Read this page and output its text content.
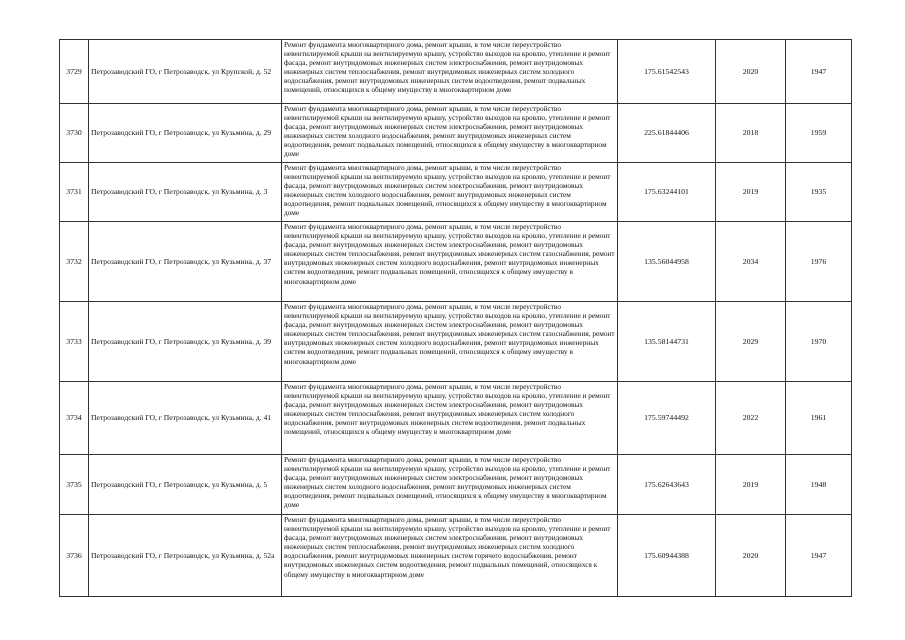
3729	Петрозаводский ГО, г Петрозаводск, ул Крупской, д. 52	Ремонт фундамента многоквартирного дома, ремонт крыши, в том числе переустройство невентилируемой крыши на вентилируемую крышу, устройство выходов на кровлю, утепление и ремонт фасада, ремонт внутридомовых инженерных систем электроснабжения, ремонт внутридомовых инженерных систем теплоснабжения, ремонт внутридомовых инженерных систем холодного водоснабжения, ремонт внутридомовых инженерных систем водоотведения, ремонт подвальных помещений, относящихся к общему имуществу в многоквартирном доме	175.61542543	2020	1947
3730	Петрозаводский ГО, г Петрозаводск, ул Кузьмина, д. 29	Ремонт фундамента многоквартирного дома, ремонт крыши, в том числе переустройство невентилируемой крыши на вентилируемую крышу, устройство выходов на кровлю, утепление и ремонт фасада, ремонт внутридомовых инженерных систем электроснабжения, ремонт внутридомовых инженерных систем холодного водоснабжения, ремонт внутридомовых инженерных систем водоотведения, ремонт подвальных помещений, относящихся к общему имуществу в многоквартирном доме	225.61844406	2018	1959
3731	Петрозаводский ГО, г Петрозаводск, ул Кузьмина, д. 3	Ремонт фундамента многоквартирного дома, ремонт крыши, в том числе переустройство невентилируемой крыши на вентилируемую крышу, устройство выходов на кровлю, утепление и ремонт фасада, ремонт внутридомовых инженерных систем электроснабжения, ремонт внутридомовых инженерных систем холодного водоснабжения, ремонт внутридомовых инженерных систем водоотведения, ремонт подвальных помещений, относящихся к общему имуществу в многоквартирном доме	175.63244101	2019	1935
3732	Петрозаводский ГО, г Петрозаводск, ул Кузьмина, д. 37	Ремонт фундамента многоквартирного дома, ремонт крыши, в том числе переустройство невентилируемой крыши на вентилируемую крышу, устройство выходов на кровлю, утепление и ремонт фасада, ремонт внутридомовых инженерных систем электроснабжения, ремонт внутридомовых инженерных систем теплоснабжения, ремонт внутридомовых инженерных систем газоснабжения, ремонт внутридомовых инженерных систем холодного водоснабжения, ремонт внутридомовых инженерных систем водоотведения, ремонт подвальных помещений, относящихся к общему имуществу в многоквартирном доме	135.56044958	2034	1976
3733	Петрозаводский ГО, г Петрозаводск, ул Кузьмина, д. 39	Ремонт фундамента многоквартирного дома, ремонт крыши, в том числе переустройство невентилируемой крыши на вентилируемую крышу, устройство выходов на кровлю, утепление и ремонт фасада, ремонт внутридомовых инженерных систем электроснабжения, ремонт внутридомовых инженерных систем теплоснабжения, ремонт внутридомовых инженерных систем газоснабжения, ремонт внутридомовых инженерных систем холодного водоснабжения, ремонт внутридомовых инженерных систем водоотведения, ремонт подвальных помещений, относящихся к общему имуществу в многоквартирном доме	135.58144731	2029	1970
3734	Петрозаводский ГО, г Петрозаводск, ул Кузьмина, д. 41	Ремонт фундамента многоквартирного дома, ремонт крыши, в том числе переустройство невентилируемой крыши на вентилируемую крышу, устройство выходов на кровлю, утепление и ремонт фасада, ремонт внутридомовых инженерных систем электроснабжения, ремонт внутридомовых инженерных систем теплоснабжения, ремонт внутридомовых инженерных систем холодного водоснабжения, ремонт внутридомовых инженерных систем водоотведения, ремонт подвальных помещений, относящихся к общему имуществу в многоквартирном доме	175.59744492	2022	1961
3735	Петрозаводский ГО, г Петрозаводск, ул Кузьмина, д. 5	Ремонт фундамента многоквартирного дома, ремонт крыши, в том числе переустройство невентилируемой крыши на вентилируемую крышу, устройство выходов на кровлю, утепление и ремонт фасада, ремонт внутридомовых инженерных систем электроснабжения, ремонт внутридомовых инженерных систем холодного водоснабжения, ремонт внутридомовых инженерных систем водоотведения, ремонт подвальных помещений, относящихся к общему имуществу в многоквартирном доме	175.62643643	2019	1948
3736	Петрозаводский ГО, г Петрозаводск, ул Кузьмина, д. 52а	Ремонт фундамента многоквартирного дома, ремонт крыши, в том числе переустройство невентилируемой крыши на вентилируемую крышу, устройство выходов на кровлю, утепление и ремонт фасада, ремонт внутридомовых инженерных систем электроснабжения, ремонт внутридомовых инженерных систем теплоснабжения, ремонт внутридомовых инженерных систем холодного водоснабжения, ремонт внутридомовых инженерных систем горячего водоснабжения, ремонт внутридомовых инженерных систем водоотведения, ремонт подвальных помещений, относящихся к общему имуществу в многоквартирном доме	175.60944388	2020	1947
